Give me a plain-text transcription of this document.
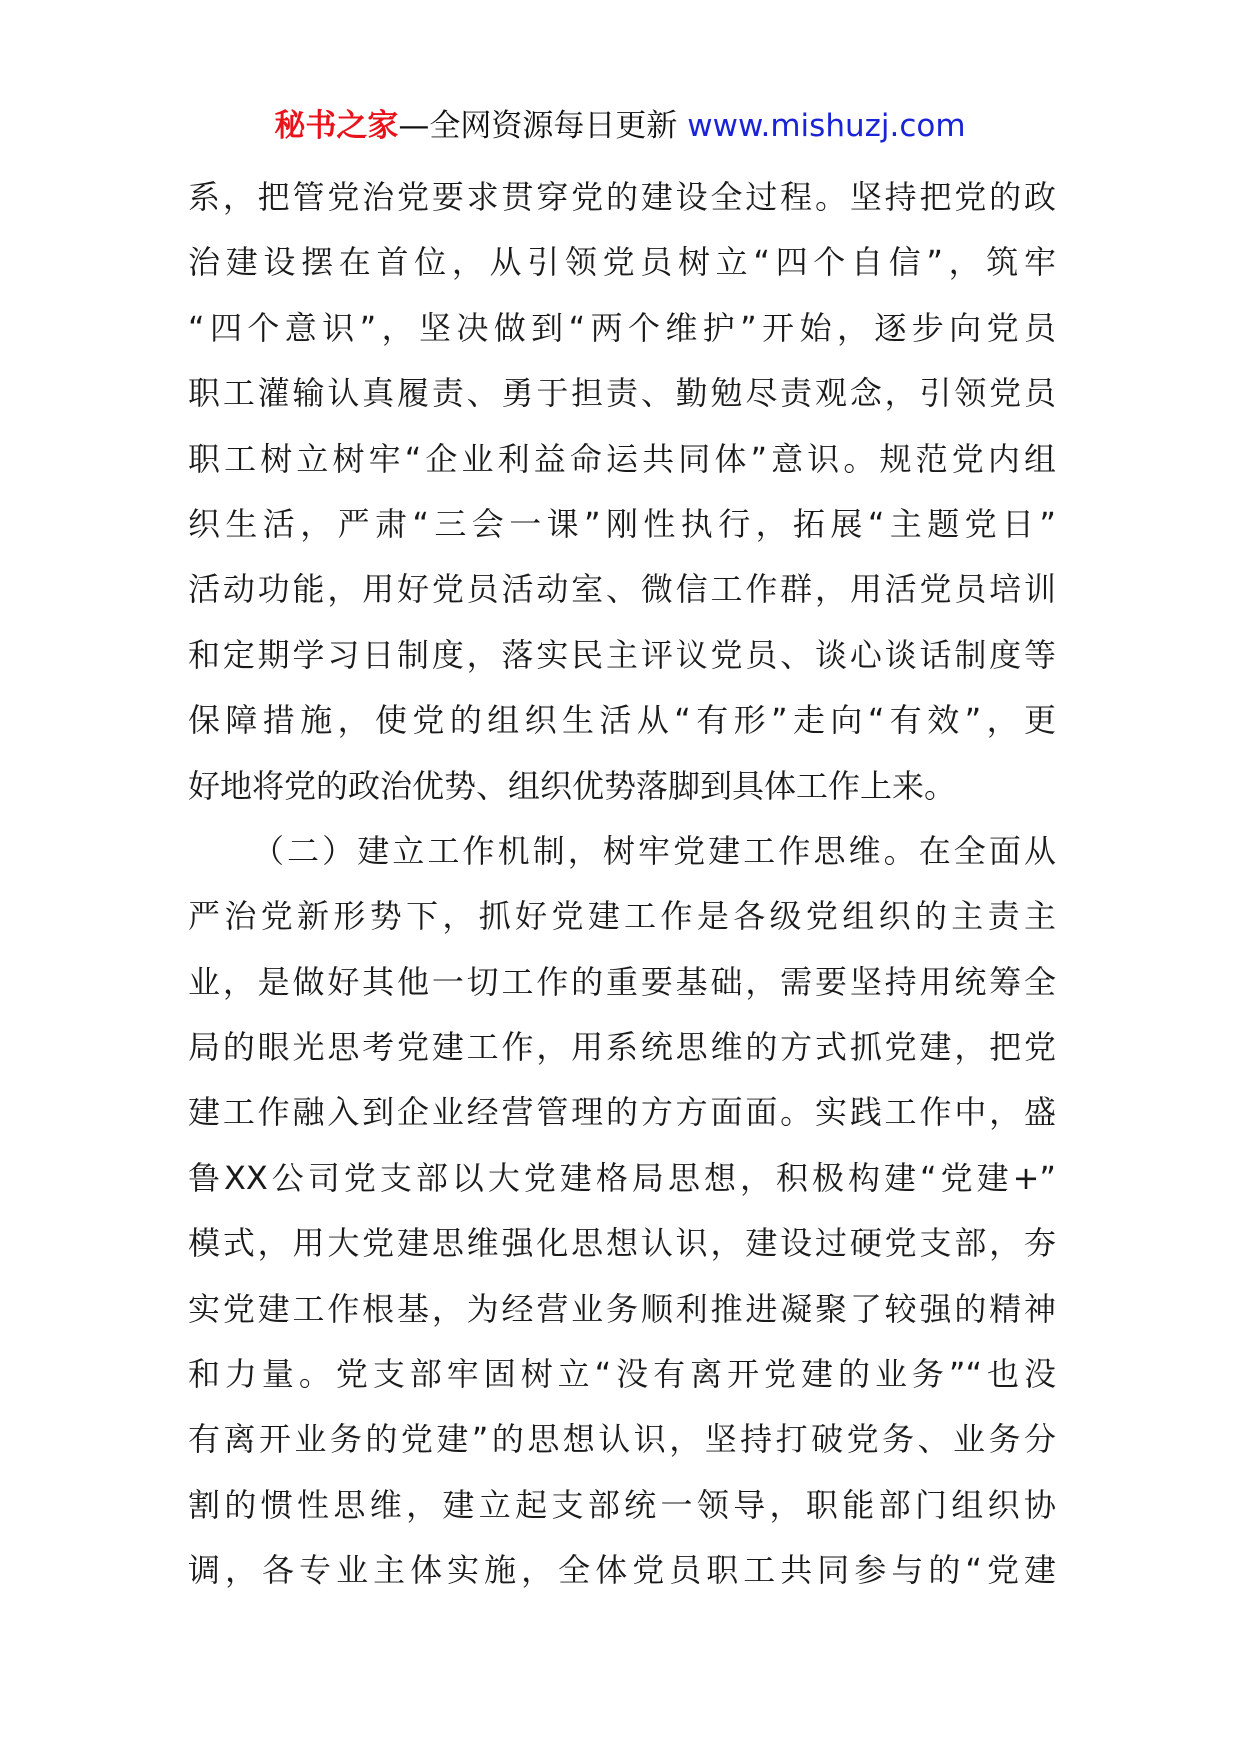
秘书之家—全网资源每日更新 www.mishuzj.com
系，把管党治党要求贯穿党的建设全过程。坚持把党的政
治建设摆在首位，从引领党员树立“四个自信”，筑牢
“四个意识”，坚决做到“两个维护”开始，逐步向党员
职工灌输认真履责、勇于担责、勤勉尽责观念，引领党员
职工树立树牢“企业利益命运共同体”意识。规范党内组
织生活，严肃“三会一课”刚性执行，拓展“主题党日”
活动功能，用好党员活动室、微信工作群，用活党员培训
和定期学习日制度，落实民主评议党员、谈心谈话制度等
保障措施，使党的组织生活从“有形”走向“有效”，更
好地将党的政治优势、组织优势落脚到具体工作上来。
（二）建立工作机制，树牢党建工作思维。在全面从
严治党新形势下，抓好党建工作是各级党组织的主责主
业，是做好其他一切工作的重要基础，需要坚持用统筹全
局的眼光思考党建工作，用系统思维的方式抓党建，把党
建工作融入到企业经营管理的方方面面。实践工作中，盛
鲁XX公司党支部以大党建格局思想，积极构建“党建+”
模式，用大党建思维强化思想认识，建设过硬党支部，夯
实党建工作根基，为经营业务顺利推进凝聚了较强的精神
和力量。党支部牢固树立“没有离开党建的业务”“也没
有离开业务的党建”的思想认识，坚持打破党务、业务分
割的惯性思维，建立起支部统一领导，职能部门组织协
调，各专业主体实施，全体党员职工共同参与的“党建
